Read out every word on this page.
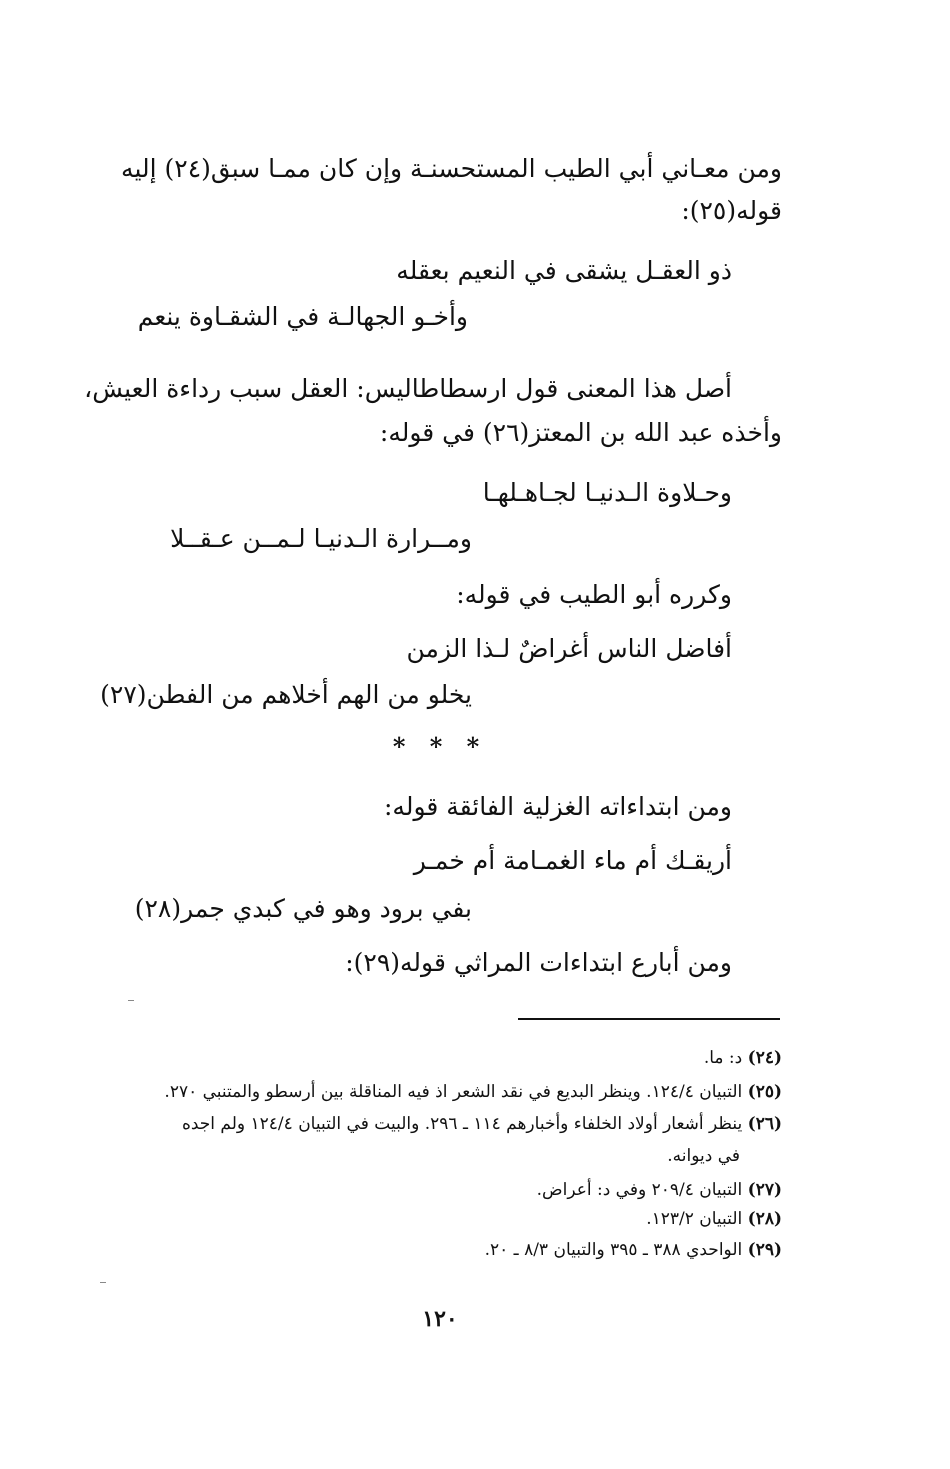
ومن معـاني أبي الطيب المستحسنـة وإن كان ممـا سبق(٢٤) إليه
قوله(٢٥):
ذو العقـل يشقى في النعيم بعقله
وأخـو الجهالـة في الشقـاوة ينعم
أصل هذا المعنى قول ارسطاطاليس: العقل سبب رداءة العيش،
وأخذه عبد الله بن المعتز(٢٦) في قوله:
وحـلاوة الـدنيـا لجـاهـلهـا
ومــرارة الـدنيـا لـمــن عـقــلا
وكرره أبو الطيب في قوله:
أفاضل الناس أغراضٌ لـذا الزمن
يخلو من الهم أخلاهم من الفطن(٢٧)
* * *
ومن ابتداءاته الغزلية الفائقة قوله:
أريقـك أم ماء الغمـامة أم خمـر
بفي برود وهو في كبدي جمر(٢٨)
ومن أبارع ابتداءات المراثي قوله(٢٩):
(٢٤) د: ما.
(٢٥) التبيان ١٢٤/٤. وينظر البديع في نقد الشعر اذ فيه المناقلة بين أرسطو والمتنبي ٢٧٠.
(٢٦) ينظر أشعار أولاد الخلفاء وأخبارهم ١١٤ ـ ٢٩٦. والبيت في التبيان ١٢٤/٤ ولم اجده
في ديوانه.
(٢٧) التبيان ٢٠٩/٤ وفي د: أعراض.
(٢٨) التبيان ١٢٣/٢.
(٢٩) الواحدي ٣٨٨ ـ ٣٩٥ والتبيان ٨/٣ ـ ٢٠.
١٢٠
